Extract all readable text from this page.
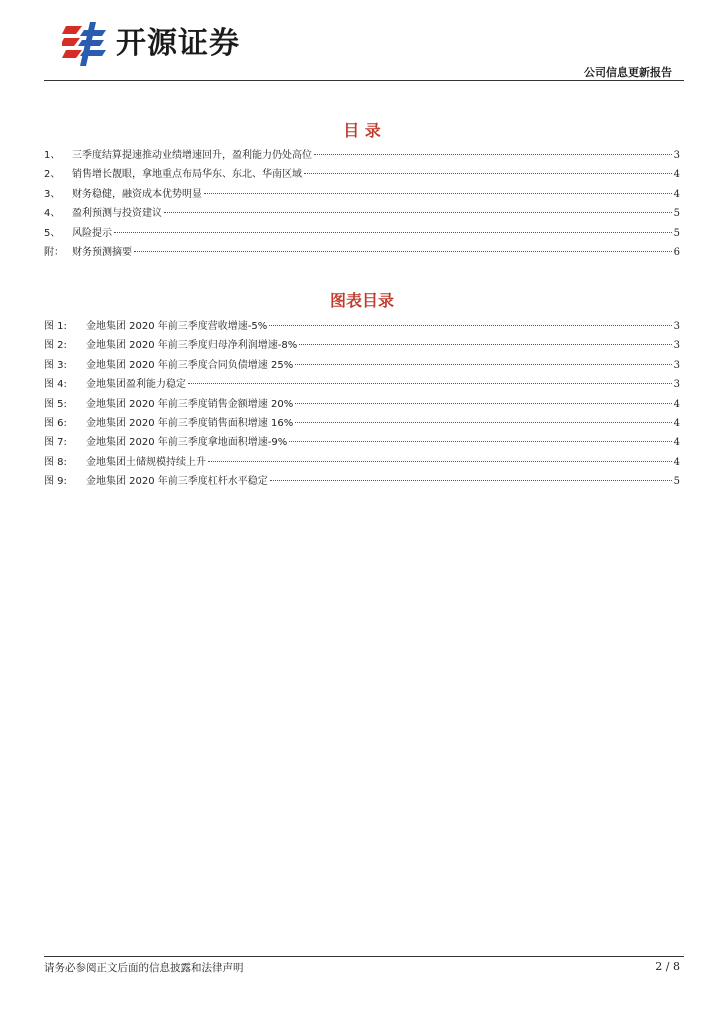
开源证券
公司信息更新报告
目 录
1、	三季度结算提速推动业绩增速回升，盈利能力仍处高位	3
2、	销售增长靓眼，拿地重点布局华东、东北、华南区域	4
3、	财务稳健，融资成本优势明显	4
4、	盈利预测与投资建议	5
5、	风险提示	5
附： 财务预测摘要	6
图表目录
图 1:	金地集团 2020 年前三季度营收增速-5%	3
图 2:	金地集团 2020 年前三季度归母净利润增速-8%	3
图 3:	金地集团 2020 年前三季度合同负债增速 25%	3
图 4:	金地集团盈利能力稳定	3
图 5:	金地集团 2020 年前三季度销售金额增速 20%	4
图 6:	金地集团 2020 年前三季度销售面积增速 16%	4
图 7:	金地集团 2020 年前三季度拿地面积增速-9%	4
图 8:	金地集团土储规模持续上升	4
图 9:	金地集团 2020 年前三季度杠杆水平稳定	5
请务必参阅正文后面的信息披露和法律声明	2 / 8
